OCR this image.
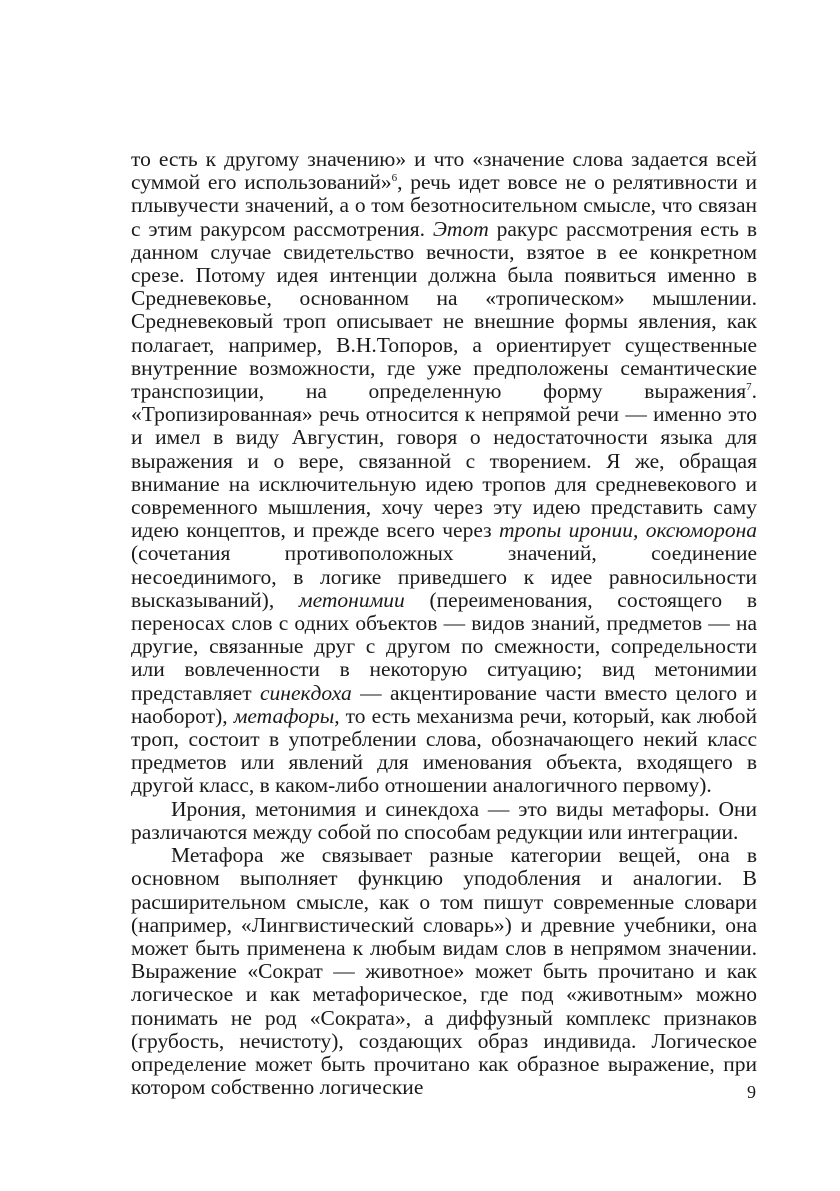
то есть к другому значению» и что «значение слова задается всей суммой его использований»$^6$, речь идет вовсе не о релятивности и плывучести значений, а о том безотносительном смысле, что связан с этим ракурсом рассмотрения. Этот ракурс рассмотрения есть в данном случае свидетельство вечности, взятое в ее конкретном срезе. Потому идея интенции должна была появиться именно в Средневековье, основанном на «тропическом» мышлении. Средневековый троп описывает не внешние формы явления, как полагает, например, В.Н.Топоров, а ориентирует существенные внутренние возможности, где уже предположены семантические транспозиции, на определенную форму выражения$^7$. «Тропизированная» речь относится к непрямой речи — именно это и имел в виду Августин, говоря о недостаточности языка для выражения и о вере, связанной с творением. Я же, обращая внимание на исключительную идею тропов для средневекового и современного мышления, хочу через эту идею представить саму идею концептов, и прежде всего через тропы иронии, оксюморона (сочетания противоположных значений, соединение несоединимого, в логике приведшего к идее равносильности высказываний), метонимии (переименования, состоящего в переносах слов с одних объектов — видов знаний, предметов — на другие, связанные друг с другом по смежности, сопредельности или вовлеченности в некоторую ситуацию; вид метонимии представляет синекдоха — акцентирование части вместо целого и наоборот), метафоры, то есть механизма речи, который, как любой троп, состоит в употреблении слова, обозначающего некий класс предметов или явлений для именования объекта, входящего в другой класс, в каком-либо отношении аналогичного первому).

Ирония, метонимия и синекдоха — это виды метафоры. Они различаются между собой по способам редукции или интеграции.

Метафора же связывает разные категории вещей, она в основном выполняет функцию уподобления и аналогии. В расширительном смысле, как о том пишут современные словари (например, «Лингвистический словарь») и древние учебники, она может быть применена к любым видам слов в непрямом значении. Выражение «Сократ — животное» может быть прочитано и как логическое и как метафорическое, где под «животным» можно понимать не род «Сократа», а диффузный комплекс признаков (грубость, нечистоту), создающих образ индивида. Логическое определение может быть прочитано как образное выражение, при котором собственно логические	9
